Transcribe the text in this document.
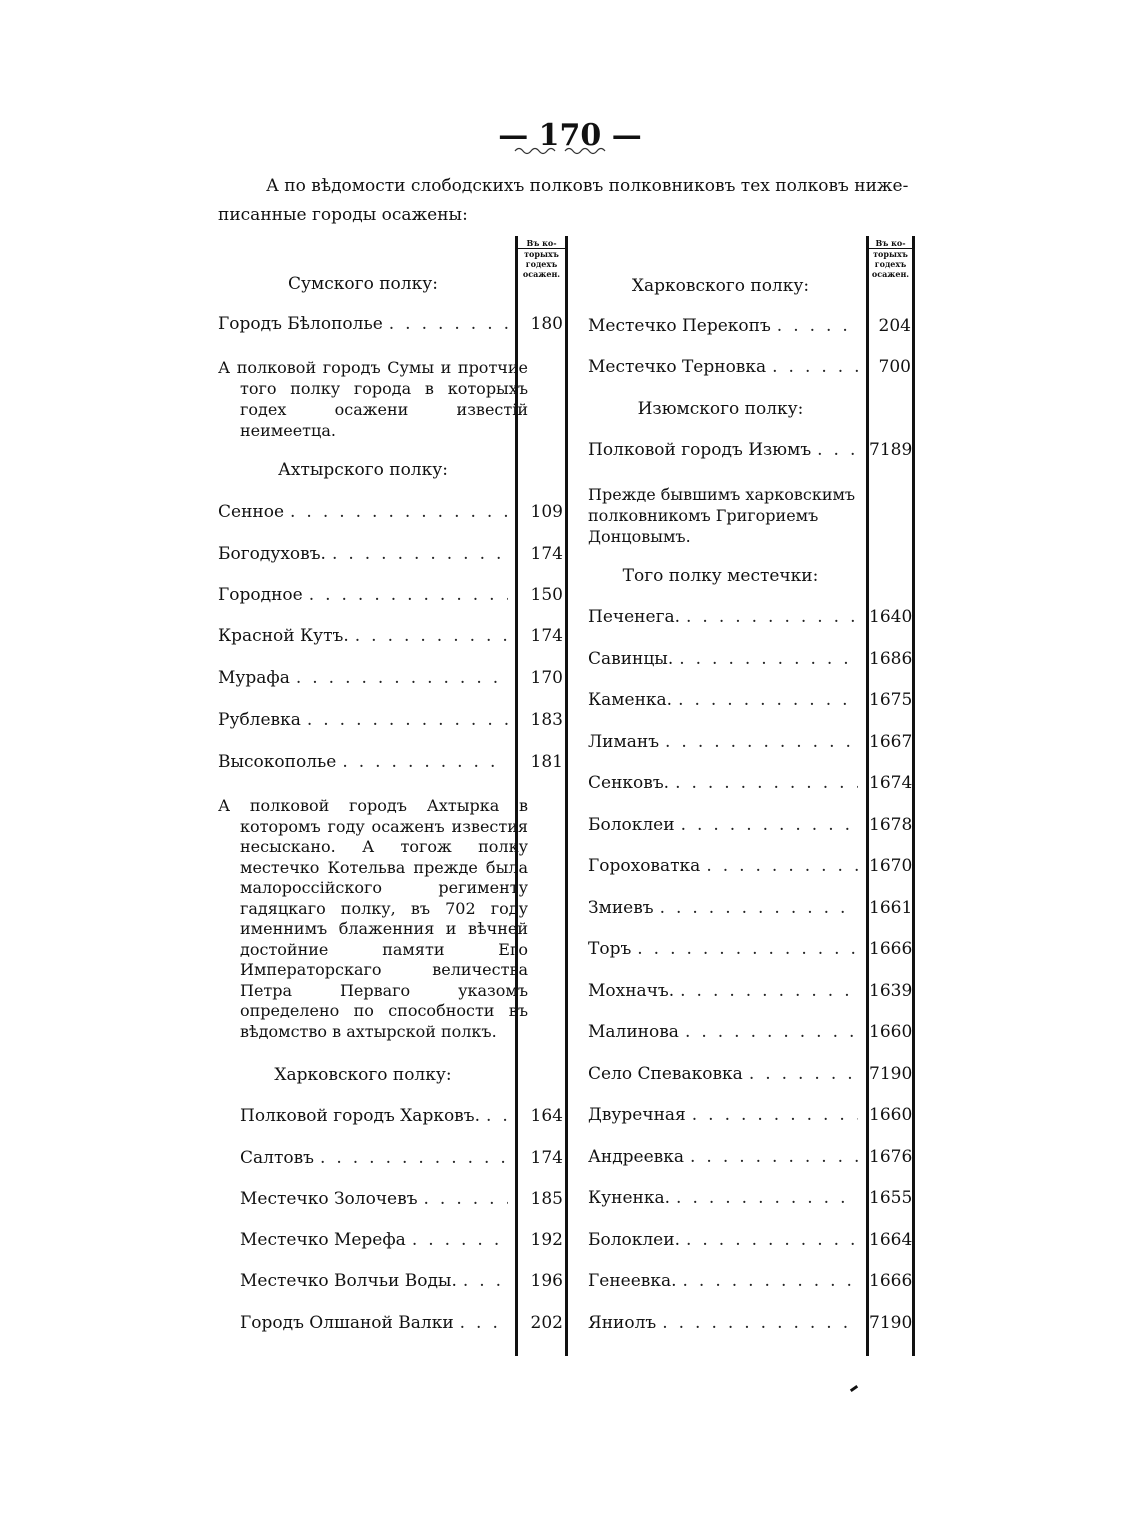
— 170 —
А по вѣдомости слободскихъ полковъ полковниковъ тех полковъ ниже-
писанные городы осажены:
Въ ко-
торыхъ
годехъ
осажен.
Въ ко-
торыхъ
годехъ
осажен.
Сумского полку:
Городъ Бѣлополье .....	180
А полковой городъ Сумы и протчие того полку города в которыхъ годех осажени известій неимеетца.
Ахтырского полку:
Сенное .....	109
Богодуховъ. .....	174
Городное .....	150
Красной Кутъ. .....	174
Мурафа .....	170
Рублевка .....	183
Высокополье .....	181
А полковой городъ Ахтырка в которомъ году осаженъ известия несыскано. А тогож полку местечко Котельва прежде была малороссійского регименту гадяцкаго полку, въ 702 году именнимъ блаженния и вѣчней достойние памяти Его Императорскаго величества Петра Перваго указомъ определено по способности въ вѣдомство в ахтырской полкъ.
Харковского полку:
Полковой городъ Харковъ. .....	164
Салтовъ .....	174
Местечко Золочевъ .....	185
Местечко Мерефа .....	192
Местечко Волчьи Воды. .....	196
Городъ Олшаной Валки .....	202
Харковского полку:
Местечко Перекопъ .....	204
Местечко Терновка .....	700
Изюмского полку:
Полковой городъ Изюмъ .....	7189
Прежде бывшимъ харковскимъ полковникомъ Григориемъ Донцовымъ.
Того полку местечки:
Печенега. .....	1640
Савинцы. .....	1686
Каменка. .....	1675
Лиманъ .....	1667
Сенковъ. .....	1674
Болоклеи .....	1678
Гороховатка .....	1670
Змиевъ .....	1661
Торъ .....	1666
Мохначъ. .....	1639
Малинова .....	1660
Село Спеваковка .....	7190
Двуречная .....	1660
Андреевка .....	1676
Куненка. .....	1655
Болоклеи. .....	1664
Генеевка. .....	1666
Яниолъ .....	7190
